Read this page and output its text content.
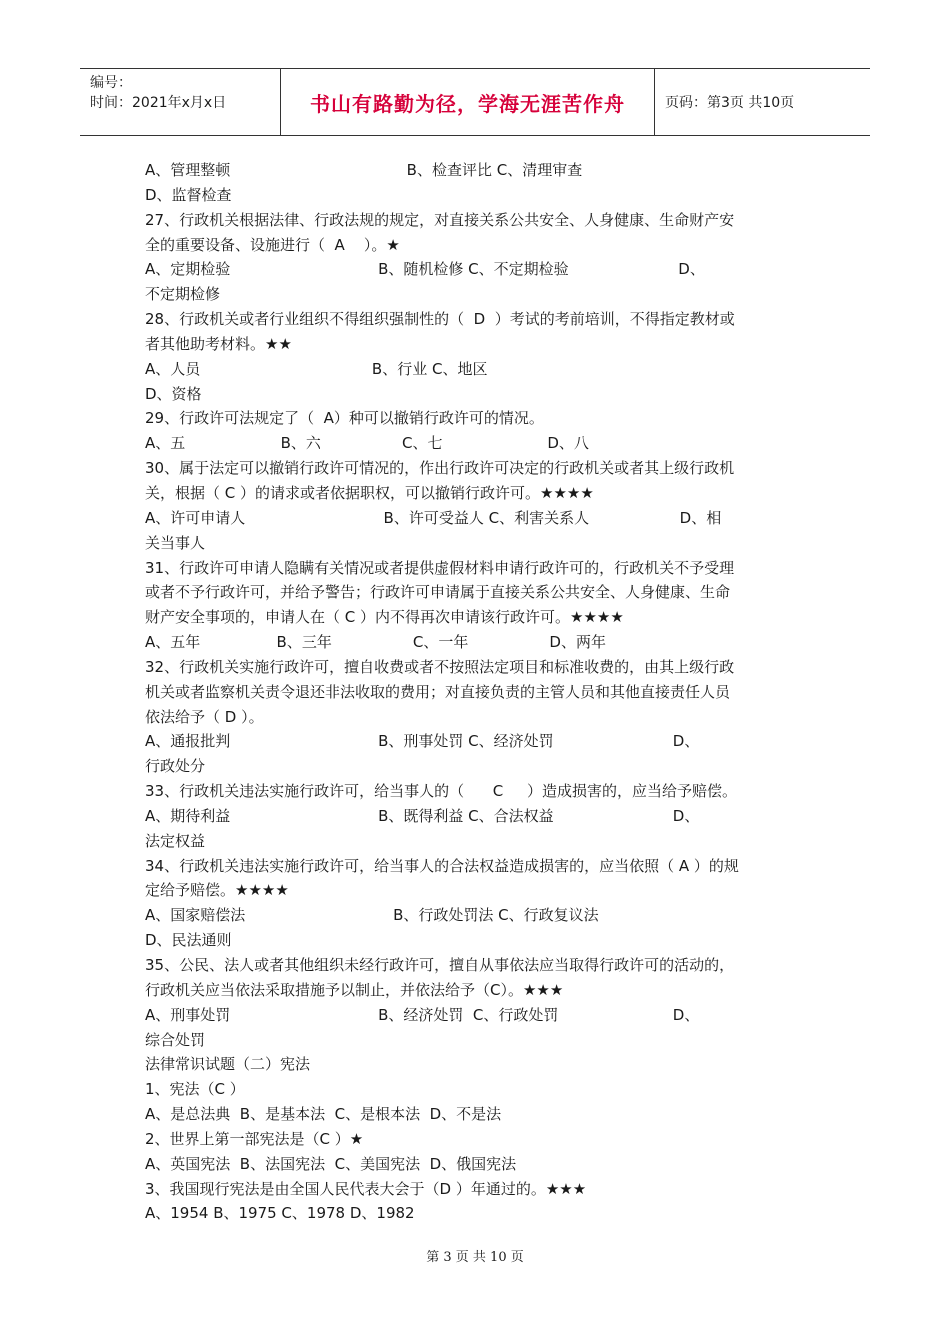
编号：
时间：2021年x月x日	书山有路勤为径，学海无涯苦作舟	页码：第3页 共10页
A、管理整顿                                     B、检查评比 C、清理审查
D、监督检查
27、行政机关根据法律、行政法规的规定，对直接关系公共安全、人身健康、生命财产安
全的重要设备、设施进行（  A    ）。★
A、定期检验                               B、随机检修 C、不定期检验                       D、
不定期检修
28、行政机关或者行业组织不得组织强制性的（  D  ）考试的考前培训，不得指定教材或
者其他助考材料。★★
A、人员                                    B、行业 C、地区
D、资格
29、行政许可法规定了（  A）种可以撤销行政许可的情况。
A、五                    B、六                 C、七                      D、八
30、属于法定可以撤销行政许可情况的，作出行政许可决定的行政机关或者其上级行政机
关，根据（ C ）的请求或者依据职权，可以撤销行政许可。★★★★
A、许可申请人                             B、许可受益人 C、利害关系人                   D、相
关当事人
31、行政许可申请人隐瞒有关情况或者提供虚假材料申请行政许可的，行政机关不予受理
或者不予行政许可，并给予警告；行政许可申请属于直接关系公共安全、人身健康、生命
财产安全事项的，申请人在（ C ）内不得再次申请该行政许可。★★★★
A、五年                B、三年                 C、一年                 D、两年
32、行政机关实施行政许可，擅自收费或者不按照法定项目和标准收费的，由其上级行政
机关或者监察机关责令退还非法收取的费用；对直接负责的主管人员和其他直接责任人员
依法给予（ D ）。
A、通报批判                               B、刑事处罚 C、经济处罚                         D、
行政处分
33、行政机关违法实施行政许可，给当事人的（      C     ）造成损害的，应当给予赔偿。
A、期待利益                               B、既得利益 C、合法权益                         D、
法定权益
34、行政机关违法实施行政许可，给当事人的合法权益造成损害的，应当依照（ A ）的规
定给予赔偿。★★★★
A、国家赔偿法                               B、行政处罚法 C、行政复议法
D、民法通则
35、公民、法人或者其他组织未经行政许可，擅自从事依法应当取得行政许可的活动的，
行政机关应当依法采取措施予以制止，并依法给予（C）。★★★
A、刑事处罚                               B、经济处罚  C、行政处罚                        D、
综合处罚
法律常识试题（二）宪法
1、宪法（C ）
A、是总法典  B、是基本法  C、是根本法  D、不是法
2、世界上第一部宪法是（C ）★
A、英国宪法  B、法国宪法  C、美国宪法  D、俄国宪法
3、我国现行宪法是由全国人民代表大会于（D ）年通过的。★★★
A、1954 B、1975 C、1978 D、1982
第 3 页 共 10 页
